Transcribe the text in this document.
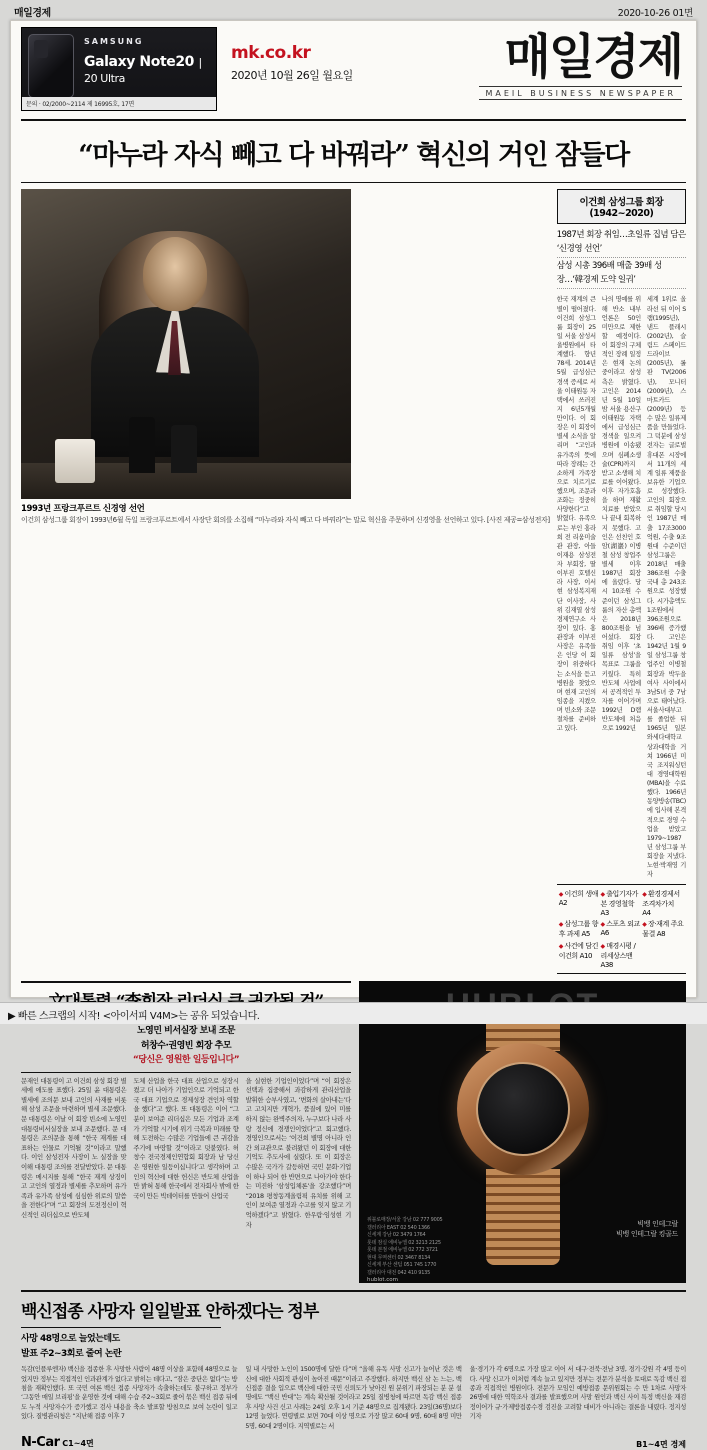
매일경제	2020-10-26 01면
SAMSUNG
Galaxy Note20 | 20 Ultra
문의 · 02/2000~2114 제 16995호, 17면
mk.co.kr
2020년 10월 26일 월요일	매일경제
MAEIL BUSINESS NEWSPAPER
“마누라 자식 빼고 다 바꿔라” 혁신의 거인 잠들다
1993년 프랑크푸르트 신경영 선언
이건희 삼성그룹 회장이 1993년6월 독일 프랑크푸르트에서 사장단 회의를 소집해 “마누라와 자식 빼고 다 바꿔라”는 말로 혁신을 주문하며 신경영을 선언하고 있다. [사진 제공=삼성전자]
이건희 삼성그룹 회장 (1942~2020)
1987년 회장 취임…초일류 집념 담은 ‘신경영 선언’
삼성 시총 396배 매출 39배 성장…‘韓경제 도약 일궈’
한국 재계의 큰 별이 떨어졌다. 이건희 삼성그룹 회장이 25일 서울 삼성서울병원에서 타계했다. 향년 78세. 2014년 5월 급성심근경색 증세로 서울 이태원동 자택에서 쓰러진 지 6년5개월 만이다. 이 회장은 이 회장이 별세 소식을 알리며 “고인과 유가족의 뜻에 따라 장례는 간소하게 가족장으로 치르기로 했으며, 조문과 조화는 정중히 사양한다”고 밝혔다. 유족으로는 부인 홍라희 전 리움미술관 관장, 아들 이재용 삼성전자 부회장, 딸 이부진 호텔신라 사장, 이서현 삼성복지재단 이사장, 사위 김재열 삼성경제연구소 사장이 있다. 홍 관장과 이부진 사장은 유족들은 인당 이 회장이 위중하다는 소식을 듣고 병원을 찾았으며 현재 고인의 임종을 지켰으며 빈소와 조문 절차를 준비하고 있다.
나의 명예를 위해 반소 내부 언론은 50인 미만으로 제한할 예정이다. 이 회장의 구체적인 장례 일정은 현재 논의 중이라고 삼성 측은 밝혔다. 고인은 2014년 5월 10일 밤 서울 용산구 이태원동 자택에서 급성심근경색을 일으켜 병원에 이송됐으며 심폐소생술(CPR)까지 받고 소생해 치료를 이어왔다. 이후 자가호흡을 하며 재활 치료를 받았으나 끝내 회복하지 못했다. 고인은 선친인 호암(湖巖) 이병철 삼성 창업주 별세 이후 1987년 회장에 올랐다. 당시 10조원 수준이던 삼성그룹의 자산 총액은 2018년 800조원을 넘어섰다. 회장 취임 이후 ‘초일류 삼성’을 목표로 그룹을 키웠다. 특히 반도체 사업에서 공격적인 투자를 이어가며 1992년 D램 반도체에 처음으로 1992년
세계 1위로 올라선 뒤 이어 S램(1995년), 낸드 플래시(2002년), 슬림드 스페이드드라이브(2005년), 롤판 TV(2006년), 모니터(2009년), 스마트카드(2009년) 등 수 많은 일류제품을 만들었다. 그 덕분에 삼성전자는 글로벌 휴대폰 시장에서 11개의 세계 일류 제품을 보유한 기업으로 성장했다. 고인의 회장으로 취임할 당시인 1987년 매출 17조3000억원, 수출 9조원대 수준이던 삼성그룹은 2018년 매출 386조원 수출 국내 총 243조원으로 성장했다. 시가총액도 1조원에서 396조원으로 396배 증가했다. 고인은 1942년 1월 9일 삼성그룹 창업주인 이병철 회장과 박두을 여사 사이에서 3남5녀 중 7남으로 태어났다. 서울사대부고를 졸업한 뒤 1965년 일본 와세다대학교 상과대학을 거쳐 1966년 미국 조지워싱턴대 경영대학원(MBA)을 수료했다. 1966년 동양방송(TBC)에 입사해 본격적으로 경영 수업을 받았고 1979~1987년 삼성그룹 부회장을 지냈다. 노현·박재영 기자
◆ 이건희 생애 A2
◆ 출입기자가 본 경영철학 A3
◆ 환경경제서 조격차가치 A4
◆ 삼성그룹 향후 과제 A5
◆ 스포츠 외교 A6
◆ 장·재계 주요 물결 A8
◆ 사건에 담긴 이건희 A10
◆ 매경시평 / 리세상스맨 A38
노영민 비서실장 보내 조문
허창수·권영빈 회장 추모
“당신은 영원한 일등입니다”
문재인 대통령이 고 이건희 삼성 회장 별세에 애도를 표했다. 25일 윤 대통령은 별세에 조의문 보내 고인의 사재를 비롯해 삼성 조문을 마련하며 별세 조문했다. 문 대통령은 이날 이 회장 빈소에 노영민 대통령비서실장을 보내 조문했다. 문 대통령은 조의문을 통해 “한국 재계를 대표하는 인물로 기억될 것”이라고 말했다. 이인 삼성전자 사장이 노 실장을 맞이해 대통령 조의를 전달받았다. 문 대통령은 메시지를 통해 “한국 재계 상징이고 고인의 열정과 별세를 추모하며 유가족과 유가족 삼성에 심심한 위로의 말씀을 전한다”며 “고 회장의 도전정신이 혁신적인 리더십으로 반도체
도체 산업을 한국 대표 산업으로 성장시켰고 더 나아가 기업인으로 기억되고 한국 대표 기업으로 경제성장 견인차 역할을 했다”고 했다. 또 대통령은 이어 “그분이 보여준 리더십은 모든 기업과 조계가 기억할 시기에 위기 극복과 미래를 향해 도전하는 수많은 기업들에 큰 귀감을 주기에 마땅할 것”이라고 덧붙였다. 허창수 전국경제인연합회 회장과 남 당신은 영원한 일등이십니다’고 생각하며 고인의 혁신에 대한 헌신은 반도체 산업을 만 밝혀 통해 한국에서 전자회사 밖에 한국이 만든 빅데이터를 만들어 산업국
을 실현한 기업인이었다”며 “이 회장은 선택과 집중해서 과감하게 관리산업을 발휘한 승부사였고, ‘변화의 살아내는’다고 고치지만 개혁가, 품질에 있어 미를 하지 않는 완벽주의자, 누구보다 나라 사랑 정신에 경쟁인이었다”고 회고했다. 경영인으로서는 ‘이건희 별명 아니라 인간 외교관으로 불려왔던 이 회장에 대한 기억도 추도사에 실렸다. 또 이 회장은 수많은 국가가 갈등하면 국민 문화·기업이 하나 되어 한 반면으로 나아가야 한다는 미진하 ‘삼성입체론’을 강조했다”며 “2018 평창동계올림픽 유치를 위해 고인이 보여준 열정과 수고를 잊지 않고 기억하겠다”고 밝혔다. 한우람·임성현 기자	빅뱅 인테그랄
빅뱅 인테그랄 킹골드
위블로매장/서울 강남 02 777 9005
갤러리아 EAST 02 540 1366
신세계 강남 02 3479 1764
롯데 잠실 에비뉴엘 02 3213 2125
롯데 본점 에비뉴엘 02 772 3721
현대 무역센터 02 3467 8134
신세계 부산 센텀 051 745 1770
갤러리아 대전 042 410 9135
hublot.com
백신접종 사망자 일일발표 안하겠다는 정부
사망 48명으로 늘었는데도
발표 주2~3회로 줄여 논란
독감(인플루엔자) 백신을 접종한 후 사망한 사람이 48명 이상을 포함해 48명으로 늘었지만 정부는 직접적인 인과관계가 없다고 밝히는 데다고, “잠은 중단은 없다”는 방침을 재확인했다. 또 국민 여론 백신 접종 사망자가 속출하는데도 불구하고 정부가 ‘그동안 매일 브리핑’을 운영한 것에 대해 수습 주2~3회로 줄어 묶은 백신 접종 뒤에도 누적 사망자수가 증가했고 검사 내용을 축소 발표할 방침으로 보여 논란이 일고 있다. 질병관리청은 “지난해 접종 이후 7
일 내 사망한 노인이 1500명에 달한 다”며 “올해 유독 사망 신고가 늘어난 것은 백신에 대한 사회적 관심이 높아진 때문”이라고 주장했다. 하지만 백신 삼 논 느는, 백신접종 결을 입으로 백신에 대한 국민 신뢰도가 낮아진 원 분위기 파장되는 분 분 설명에도 “백신 반대”는 계속 확산될 것이라고 25일 질병청에 따르면 독감 백신 접종 후 사망 사건 신고 사례는 24일 오후 1시 기준 48명으로 집계됐다. 23일(36명)보다 12명 늘었다. 연령별로 보면 70대 이상 명으로 가장 많고 60대 9명, 60대 8명 미만 5명, 60대 2명이다. 지역별로는 서
울·경기가 각 6명으로 가장 많고 이어 서 대구·전북·전남 3명, 경기·강원 각 4명 등이다. 사망 신고가 이처럼 계속 늘고 있지만 정부는 전문가 분석을 토대로 독감 백신 접종과 직접적인 병원이다. 전문가 모임인 예방접종 문위원회는 수 만 1차로 사망자 26명에 대한 역학조사 결과를 발표했으며 사망 원인과 백신 사이 특정 백신을 재검 정이어가 규·가제방접종수경 검진을 고려할 대비가 아니라는 결론을 내렸다. 정지성 기자
N-Car C1~4면	B1~4면 경제
▶ 빠른 스크랩의 시작! <아이서피 V4M>는 공유 되었습니다.
